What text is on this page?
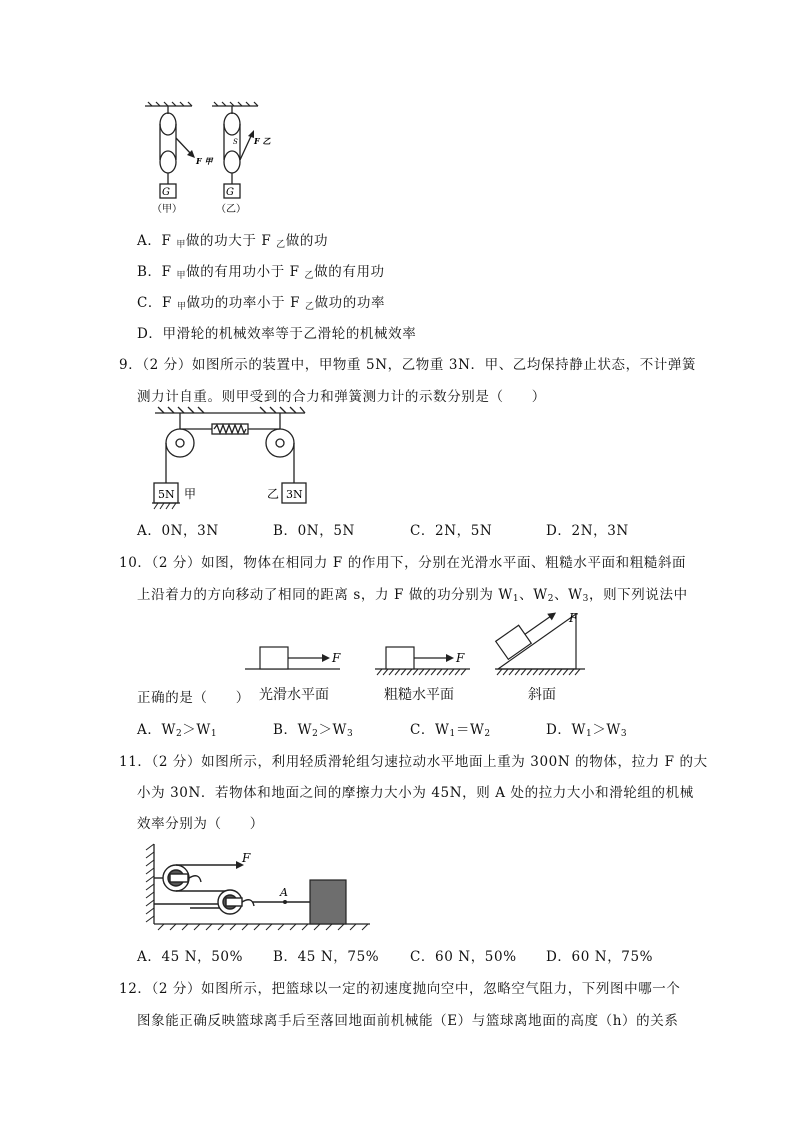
G	G
F 甲
F 乙
S
（甲）	（乙）
A．F $_甲$做的功大于 F $_乙$做的功
B．F $_甲$做的有用功小于 F $_乙$做的有用功
C．F $_甲$做功的功率小于 F $_乙$做功的功率
D．甲滑轮的机械效率等于乙滑轮的机械效率
9．（2 分）如图所示的装置中，甲物重 5N，乙物重 3N．甲、乙均保持静止状态，不计弹簧
测力计自重。则甲受到的合力和弹簧测力计的示数分别是（　　）
5N 甲	3N
乙
A．0N，3N	B．0N，5N	C．2N，5N	D．2N，3N
10．（2 分）如图，物体在相同力 F 的作用下，分别在光滑水平面、粗糙水平面和粗糙斜面
上沿着力的方向移动了相同的距离 s，力 F 做的功分别为 $W_1$、$W_2$、$W_3$，则下列说法中
F	F
F
光滑水平面	粗糙水平面	斜面
正确的是（　　）
A．$W_2>W_1$	B．$W_2>W_3$	C．$W_1=W_2$	D．$W_1>W_3$
11．（2 分）如图所示，利用轻质滑轮组匀速拉动水平地面上重为 300N 的物体，拉力 F 的大
小为 30N．若物体和地面之间的摩擦力大小为 45N，则 A 处的拉力大小和滑轮组的机械
效率分别为（　　）
F
A
A．45 N，50% B．45 N，75% C．60 N，50% D．60 N，75%
12．（2 分）如图所示，把篮球以一定的初速度抛向空中，忽略空气阻力，下列图中哪一个
图象能正确反映篮球离手后至落回地面前机械能（E）与篮球离地面的高度（h）的关系
